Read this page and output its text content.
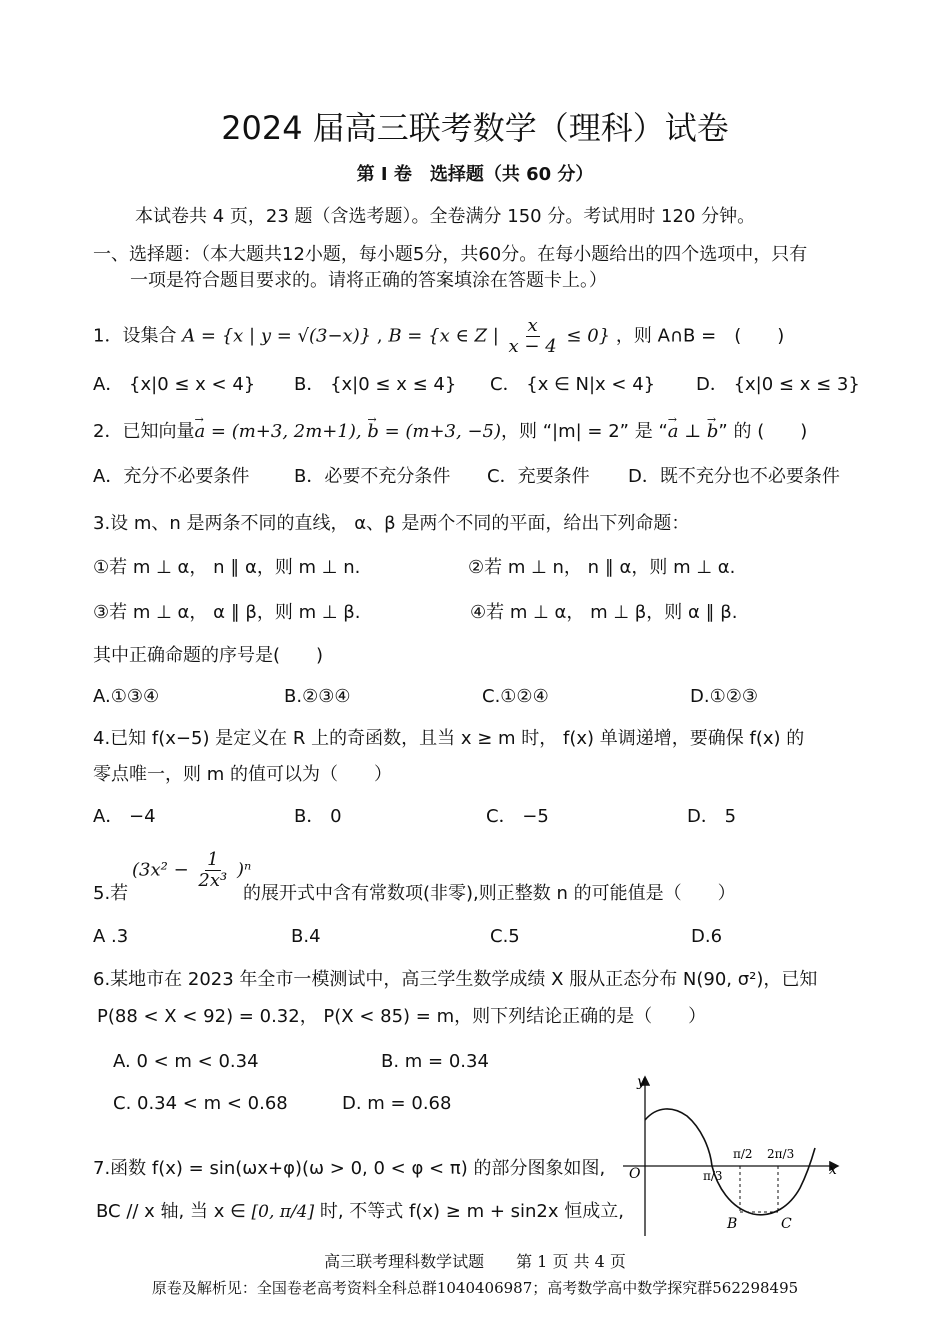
2024 届高三联考数学（理科）试卷
第 I 卷　选择题（共 60 分）
本试卷共 4 页，23 题（含选考题）。全卷满分 150 分。考试用时 120 分钟。
一、选择题：（本大题共12小题，每小题5分，共60分。在每小题给出的四个选项中，只有
一项是符合题目要求的。请将正确的答案填涂在答题卡上。）
1．设集合 A = {x | y = √(3−x)} , B = {x ∈ Z | $\frac{x}{x - 4} \le 0$} ，则 A∩B =　(　　)
A． {x|0 ≤ x < 4} B． {x|0 ≤ x ≤ 4} C． {x ∈ N|x < 4} D． {x|0 ≤ x ≤ 3}
2．已知向量→ a = (m+3, 2m+1), → b = (m+3, −5)，则 “|m| = 2” 是 “→ a ⊥ → b” 的 (　　)
A．充分不必要条件 B．必要不充分条件 C．充要条件 D．既不充分也不必要条件
3.设 m、n 是两条不同的直线， α、β 是两个不同的平面，给出下列命题：
①若 m ⊥ α， n ∥ α，则 m ⊥ n.	②若 m ⊥ n， n ∥ α，则 m ⊥ α.
③若 m ⊥ α， α ∥ β，则 m ⊥ β.	④若 m ⊥ α， m ⊥ β，则 α ∥ β.
其中正确命题的序号是(　　)
A.①③④	B.②③④	C.①②④	D.①②③
4.已知 f(x−5) 是定义在 R 上的奇函数，且当 x ≥ m 时， f(x) 单调递增，要确保 f(x) 的
零点唯一，则 m 的值可以为（　　）
A． −4	B． 0	C． −5	D． 5
$(3x^2 - \frac{1}{\text{2x³}} )^n$
5.若	的展开式中含有常数项(非零),则正整数 n 的可能值是（　　）
A .3	B.4	C.5	D.6
6.某地市在 2023 年全市一模测试中，高三学生数学成绩 X 服从正态分布 N(90, σ²)，已知
P(88 < X < 92) = 0.32， P(X < 85) = m，则下列结论正确的是（　　）
A. 0 < m < 0.34	B. m = 0.34
C. 0.34 < m < 0.68	D. m = 0.68
7.函数 f(x) = sin(ωx+φ)(ω > 0, 0 < φ < π) 的部分图象如图,
BC // x 轴, 当 x ∈ [0, π/4] 时, 不等式 f(x) ≥ m + sin2x 恒成立,
y
x
O	π/3
π/2 2π/3
B	C
高三联考理科数学试题　　第 1 页 共 4 页
原卷及解析见：全国卷老高考资料全科总群1040406987；高考数学高中数学探究群562298495
